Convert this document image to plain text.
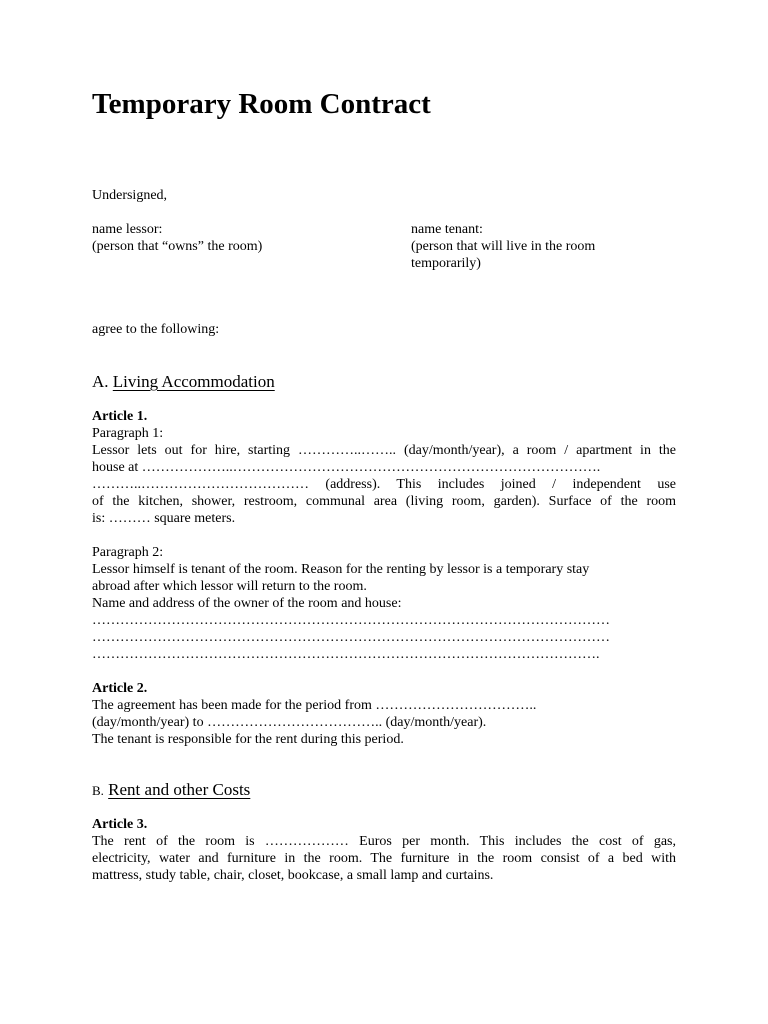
Temporary Room Contract
Undersigned,
name lessor:
(person that “owns” the room)
name tenant:
(person that will live in the room
temporarily)
agree to the following:
A. Living Accommodation
Article 1.
Paragraph 1:
Lessor lets out for hire, starting …………..…….. (day/month/year), a room / apartment in the
house at ………………..…………………………………………………………………….
………..……………………………… (address). This includes joined / independent use
of the kitchen, shower, restroom, communal area (living room, garden). Surface of the room
is: ……… square meters.
Paragraph 2:
Lessor himself is tenant of the room. Reason for the renting by lessor is a temporary stay
abroad after which lessor will return to the room.
Name and address of the owner of the room and house:
…………………………………………………………………………………………………
…………………………………………………………………………………………………
……………………………………………………………………………………………….
Article 2.
The agreement has been made for the period from ……………………………..
(day/month/year) to ……………………………….. (day/month/year).
The tenant is responsible for the rent during this period.
B. Rent and other Costs
Article 3.
The rent of the room is ……………… Euros per month. This includes the cost of gas,
electricity, water and furniture in the room. The furniture in the room consist of a bed with
mattress, study table, chair, closet, bookcase, a small lamp and curtains.
